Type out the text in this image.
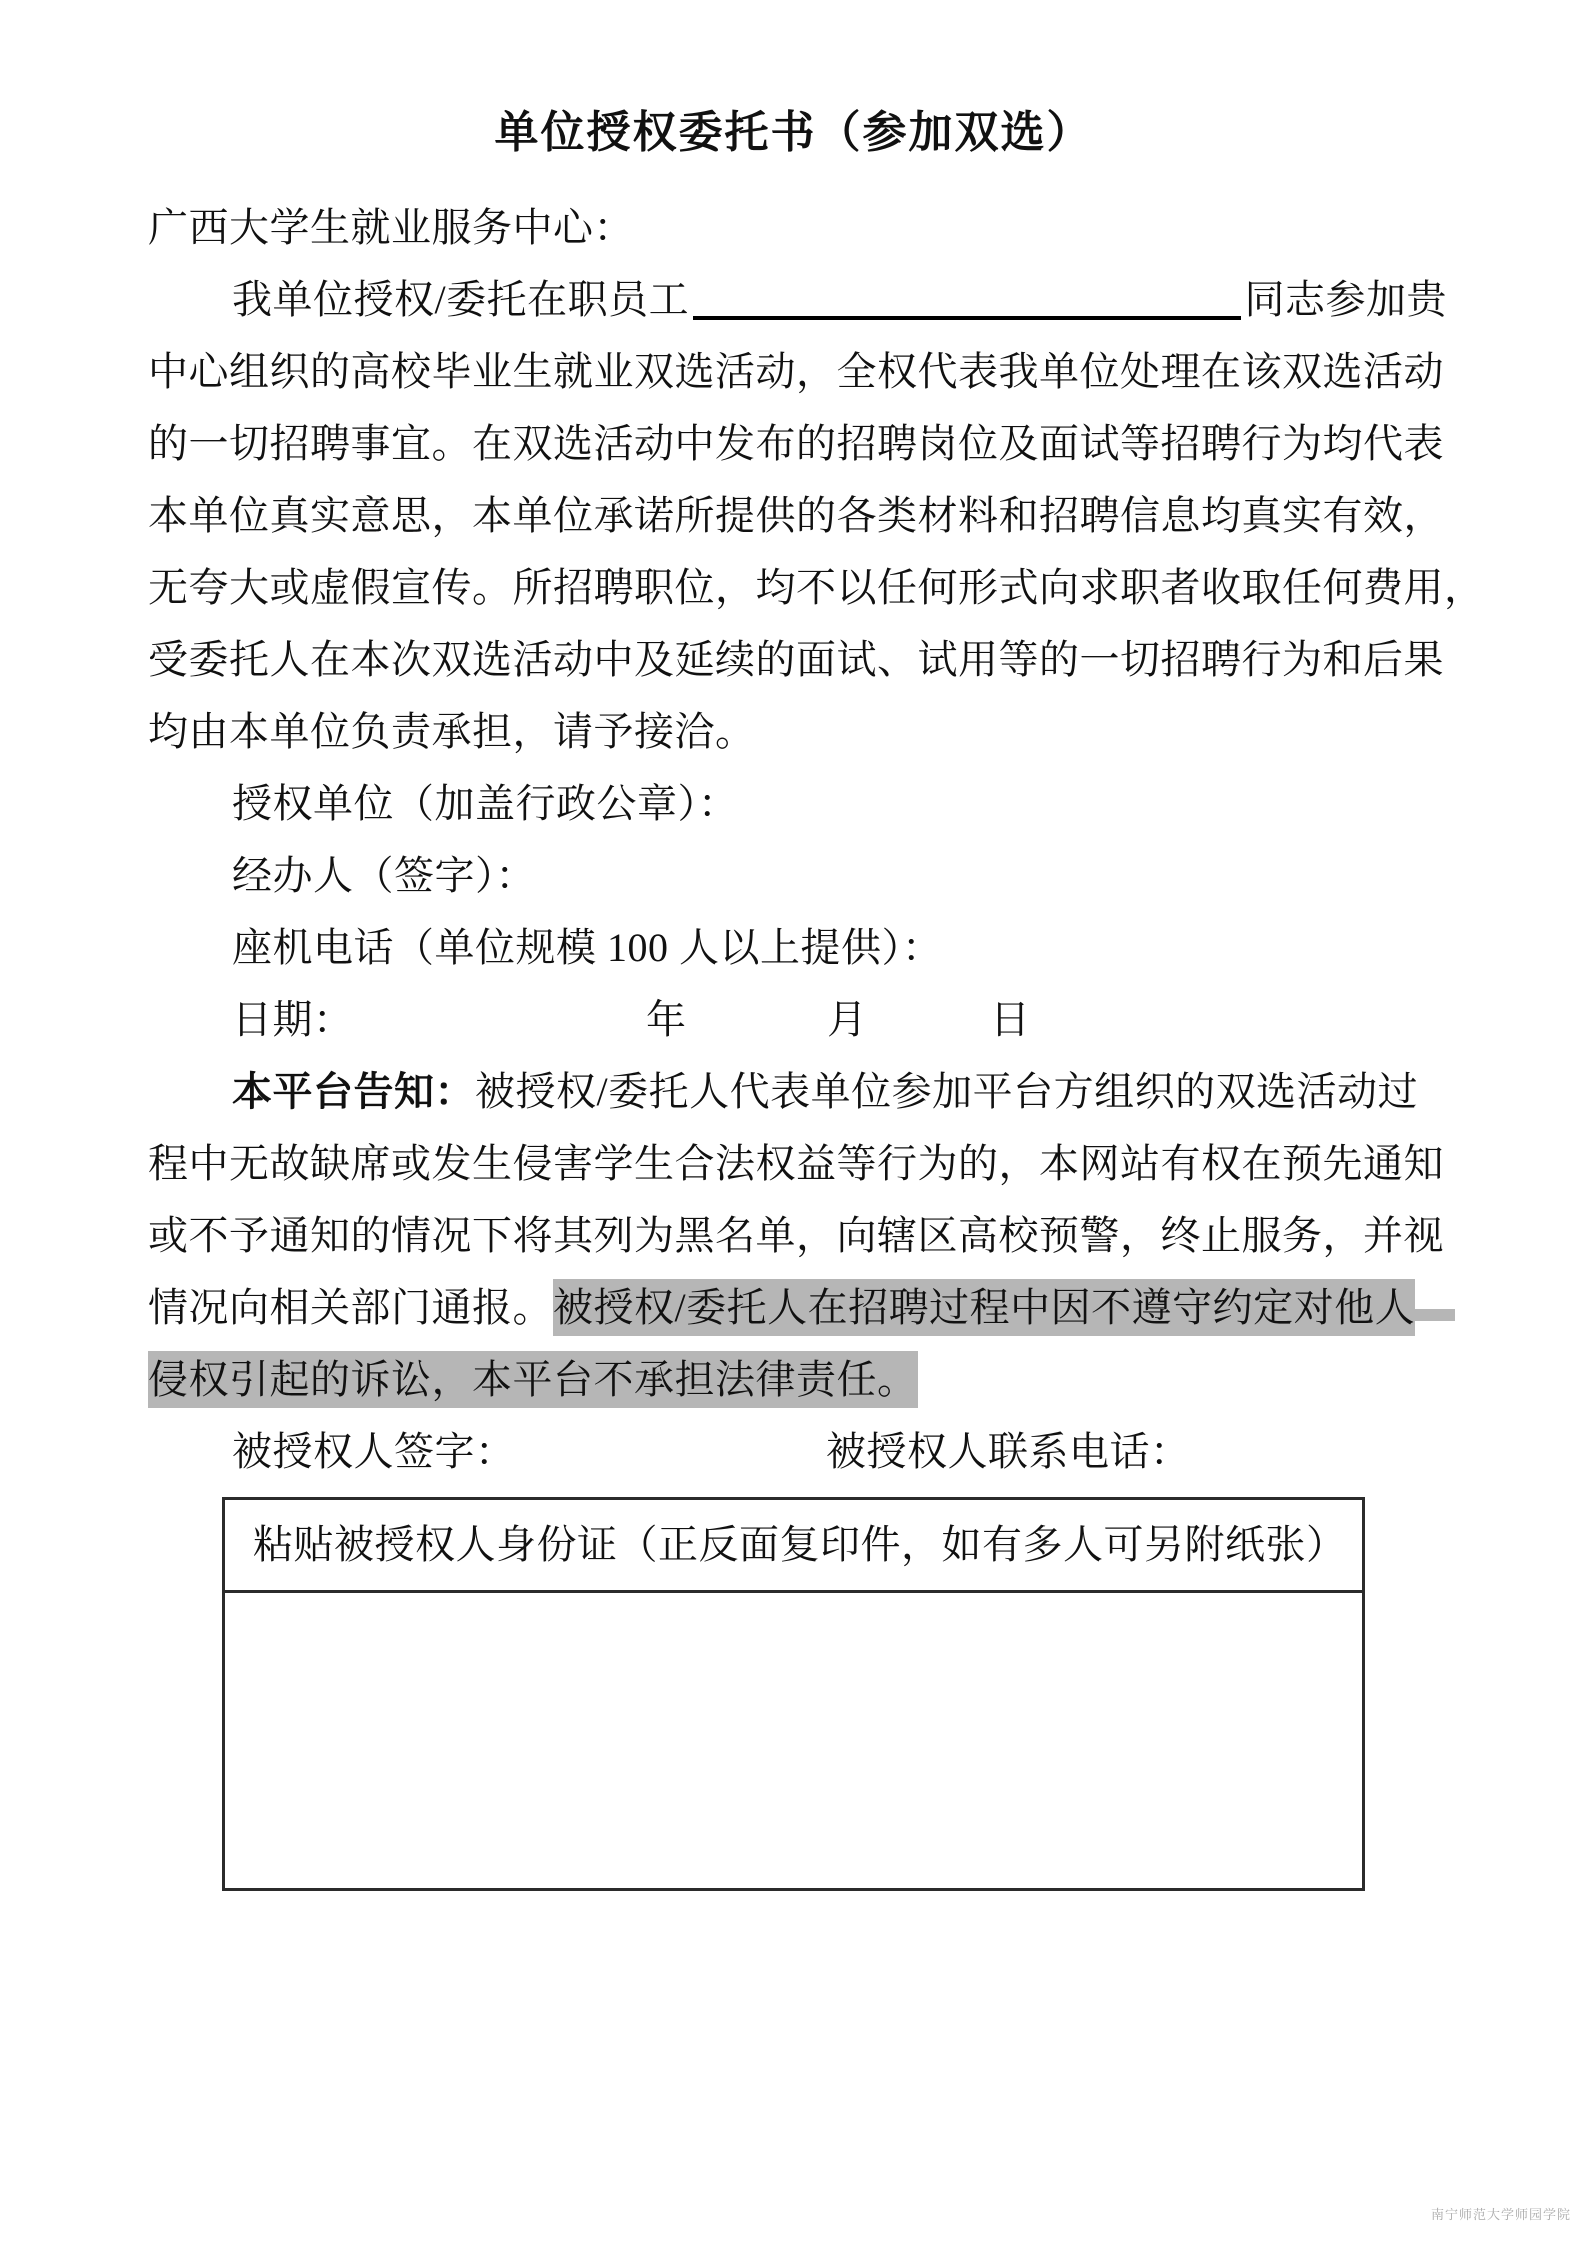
单位授权委托书（参加双选）
广西大学生就业服务中心：
我单位授权/委托在职员工	同志参加贵
中心组织的高校毕业生就业双选活动，全权代表我单位处理在该双选活动
的一切招聘事宜。在双选活动中发布的招聘岗位及面试等招聘行为均代表
本单位真实意思，本单位承诺所提供的各类材料和招聘信息均真实有效，
无夸大或虚假宣传。所招聘职位，均不以任何形式向求职者收取任何费用，
受委托人在本次双选活动中及延续的面试、试用等的一切招聘行为和后果
均由本单位负责承担，请予接洽。
授权单位（加盖行政公章）：
经办人（签字）：
座机电话（单位规模 100 人以上提供）：
日期：	年	月	日
本平台告知：被授权/委托人代表单位参加平台方组织的双选活动过
程中无故缺席或发生侵害学生合法权益等行为的，本网站有权在预先通知
或不予通知的情况下将其列为黑名单，向辖区高校预警，终止服务，并视
情况向相关部门通报。被授权/委托人在招聘过程中因不遵守约定对他人
侵权引起的诉讼，本平台不承担法律责任。
被授权人签字：	被授权人联系电话：
粘贴被授权人身份证（正反面复印件，如有多人可另附纸张）
南宁师范大学师园学院
